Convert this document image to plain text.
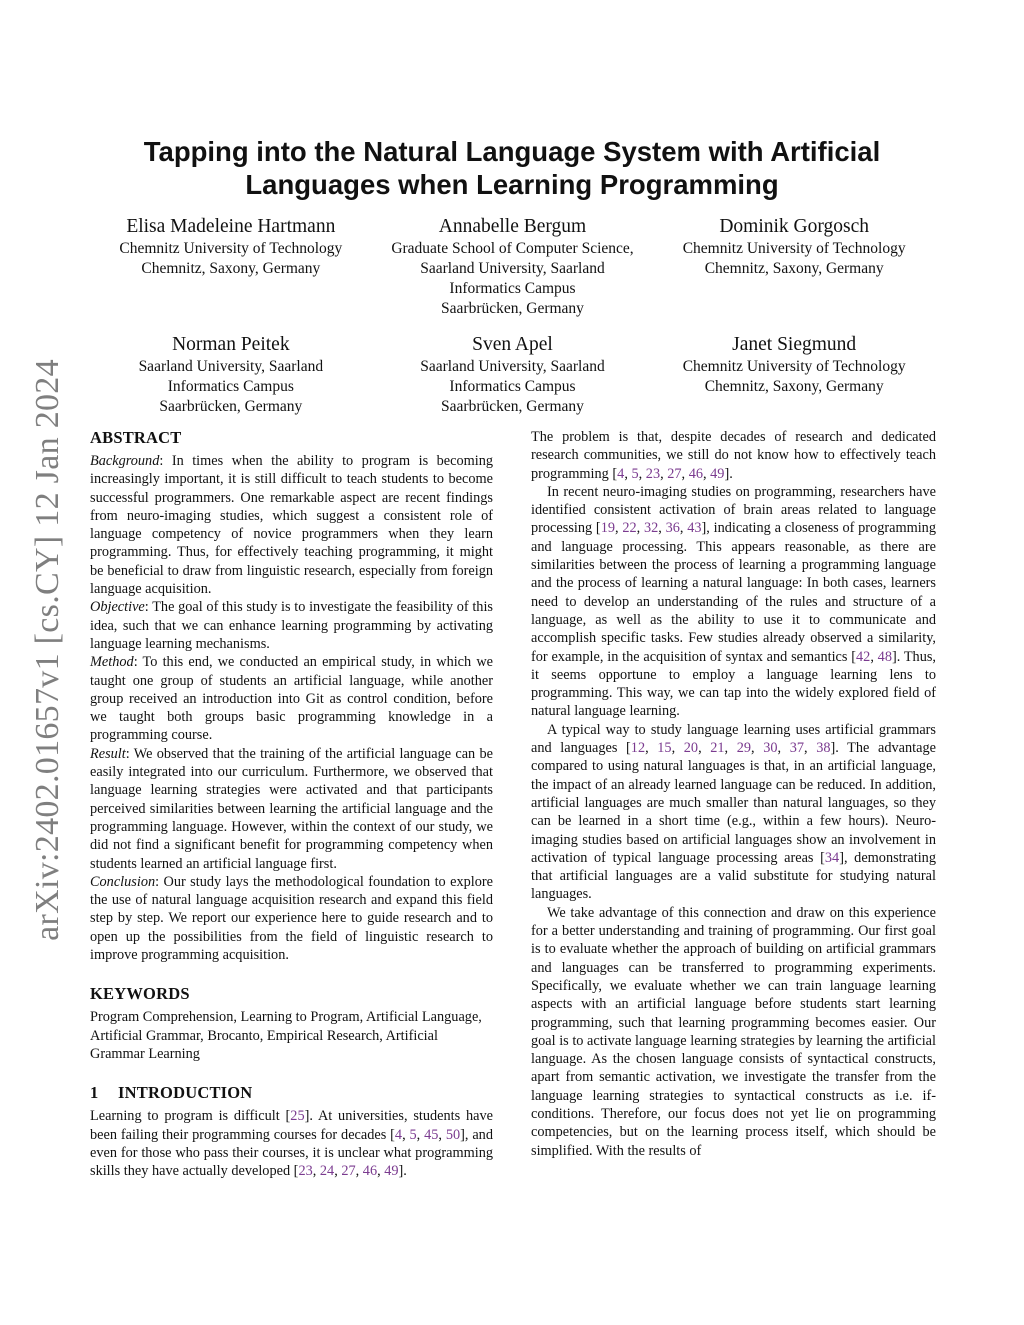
arXiv:2402.01657v1 [cs.CY] 12 Jan 2024
Tapping into the Natural Language System with Artificial Languages when Learning Programming
Elisa Madeleine Hartmann
Chemnitz University of Technology
Chemnitz, Saxony, Germany
Annabelle Bergum
Graduate School of Computer Science,
Saarland University, Saarland
Informatics Campus
Saarbrücken, Germany
Dominik Gorgosch
Chemnitz University of Technology
Chemnitz, Saxony, Germany
Norman Peitek
Saarland University, Saarland
Informatics Campus
Saarbrücken, Germany
Sven Apel
Saarland University, Saarland
Informatics Campus
Saarbrücken, Germany
Janet Siegmund
Chemnitz University of Technology
Chemnitz, Saxony, Germany
ABSTRACT

Background: In times when the ability to program is becoming increasingly important, it is still difficult to teach students to become successful programmers. One remarkable aspect are recent findings from neuro-imaging studies, which suggest a consistent role of language competency of novice programmers when they learn programming. Thus, for effectively teaching programming, it might be beneficial to draw from linguistic research, especially from foreign language acquisition.

Objective: The goal of this study is to investigate the feasibility of this idea, such that we can enhance learning programming by activating language learning mechanisms.

Method: To this end, we conducted an empirical study, in which we taught one group of students an artificial language, while another group received an introduction into Git as control condition, before we taught both groups basic programming knowledge in a programming course.

Result: We observed that the training of the artificial language can be easily integrated into our curriculum. Furthermore, we observed that language learning strategies were activated and that participants perceived similarities between learning the artificial language and the programming language. However, within the context of our study, we did not find a significant benefit for programming competency when students learned an artificial language first.

Conclusion: Our study lays the methodological foundation to explore the use of natural language acquisition research and expand this field step by step. We report our experience here to guide research and to open up the possibilities from the field of linguistic research to improve programming acquisition.

KEYWORDS

Program Comprehension, Learning to Program, Artificial Language, Artificial Grammar, Brocanto, Empirical Research, Artificial Grammar Learning

1 INTRODUCTION

Learning to program is difficult [25]. At universities, students have been failing their programming courses for decades [4, 5, 45, 50], and even for those who pass their courses, it is unclear what programming skills they have actually developed [23, 24, 27, 46, 49].

The problem is that, despite decades of research and dedicated research communities, we still do not know how to effectively teach programming [4, 5, 23, 27, 46, 49].

In recent neuro-imaging studies on programming, researchers have identified consistent activation of brain areas related to language processing [19, 22, 32, 36, 43], indicating a closeness of programming and language processing. This appears reasonable, as there are similarities between the process of learning a programming language and the process of learning a natural language: In both cases, learners need to develop an understanding of the rules and structure of a language, as well as the ability to use it to communicate and accomplish specific tasks. Few studies already observed a similarity, for example, in the acquisition of syntax and semantics [42, 48]. Thus, it seems opportune to employ a language learning lens to programming. This way, we can tap into the widely explored field of natural language learning.

A typical way to study language learning uses artificial grammars and languages [12, 15, 20, 21, 29, 30, 37, 38]. The advantage compared to using natural languages is that, in an artificial language, the impact of an already learned language can be reduced. In addition, artificial languages are much smaller than natural languages, so they can be learned in a short time (e.g., within a few hours). Neuro-imaging studies based on artificial languages show an involvement in activation of typical language processing areas [34], demonstrating that artificial languages are a valid substitute for studying natural languages.

We take advantage of this connection and draw on this experience for a better understanding and training of programming. Our first goal is to evaluate whether the approach of building on artificial grammars and languages can be transferred to programming experiments. Specifically, we evaluate whether we can train language learning aspects with an artificial language before students start learning programming, such that learning programming becomes easier. Our goal is to activate language learning strategies by learning the artificial language. As the chosen language consists of syntactical constructs, apart from semantic activation, we investigate the transfer from the language learning strategies to syntactical constructs as i.e. if-conditions. Therefore, our focus does not yet lie on programming competencies, but on the learning process itself, which should be simplified. With the results of
